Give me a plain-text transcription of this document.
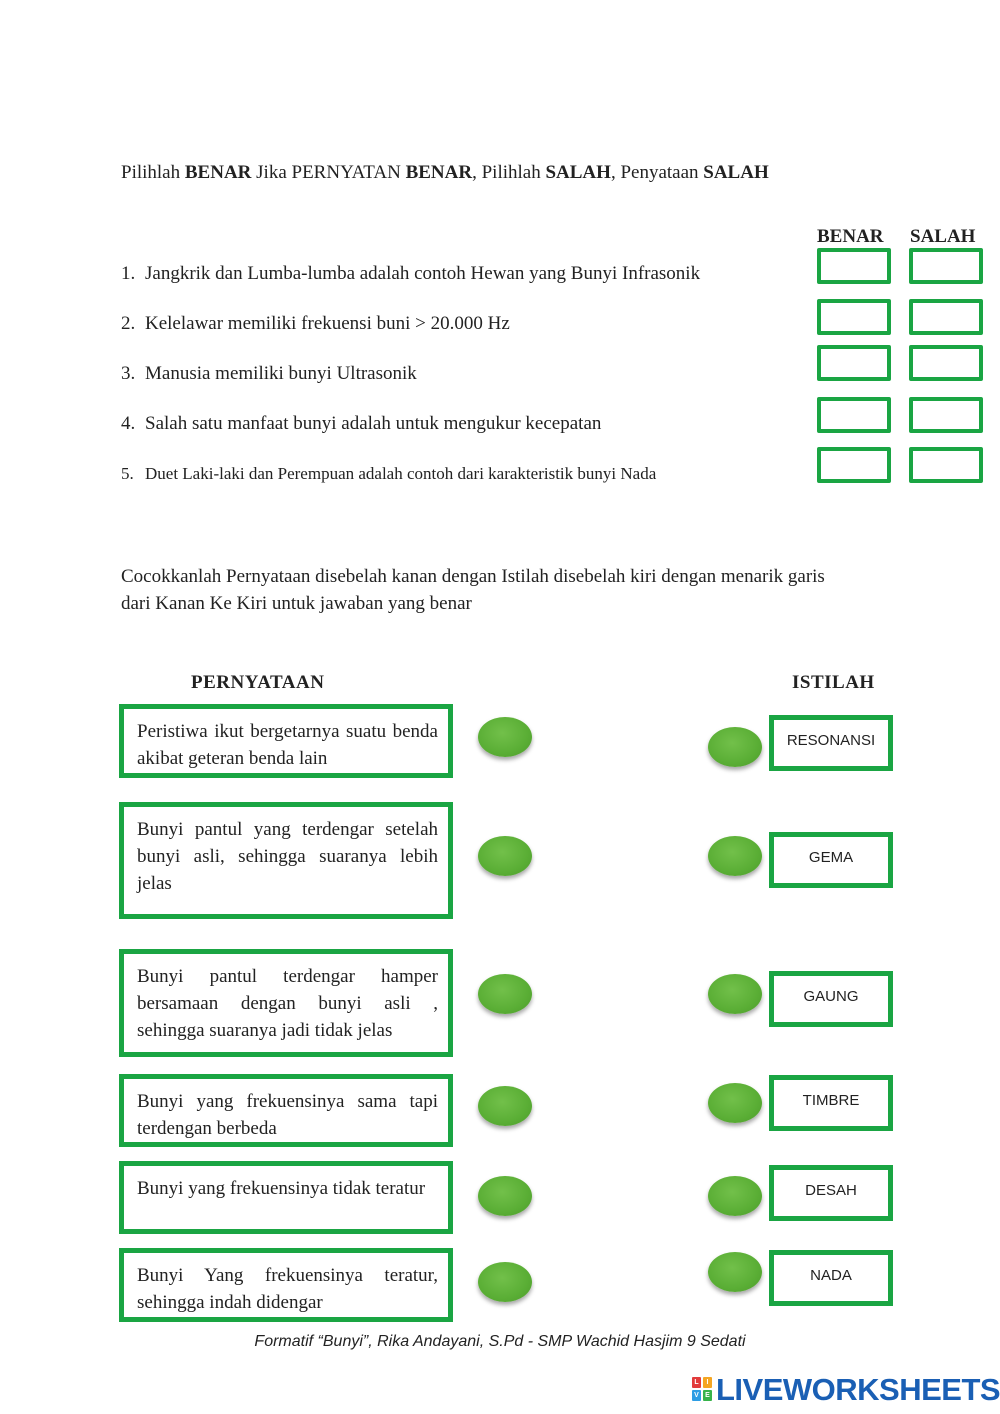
Pilihlah BENAR Jika PERNYATAN BENAR, Pilihlah SALAH, Penyataan SALAH
BENAR SALAH
1. Jangkrik dan Lumba-lumba adalah contoh Hewan yang Bunyi Infrasonik
2. Kelelawar memiliki frekuensi buni > 20.000 Hz
3. Manusia memiliki bunyi Ultrasonik
4. Salah satu manfaat bunyi adalah untuk mengukur kecepatan
5. Duet Laki-laki dan Perempuan adalah contoh dari karakteristik bunyi Nada
Cocokkanlah Pernyataan disebelah kanan dengan Istilah disebelah kiri dengan menarik garis dari Kanan Ke Kiri untuk jawaban yang benar
PERNYATAAN	ISTILAH
Peristiwa ikut bergetarnya suatu benda akibat geteran benda lain
Bunyi pantul yang terdengar setelah bunyi asli, sehingga suaranya lebih jelas
Bunyi pantul terdengar hamper bersamaan dengan bunyi asli , sehingga suaranya jadi tidak jelas
Bunyi yang frekuensinya sama tapi terdengan berbeda
Bunyi yang frekuensinya tidak teratur
Bunyi Yang frekuensinya teratur, sehingga indah didengar
RESONANSI
GEMA
GAUNG
TIMBRE
DESAH
NADA
Formatif “Bunyi”, Rika Andayani, S.Pd - SMP Wachid Hasjim 9 Sedati
L	I
V E LIVEWORKSHEETS
